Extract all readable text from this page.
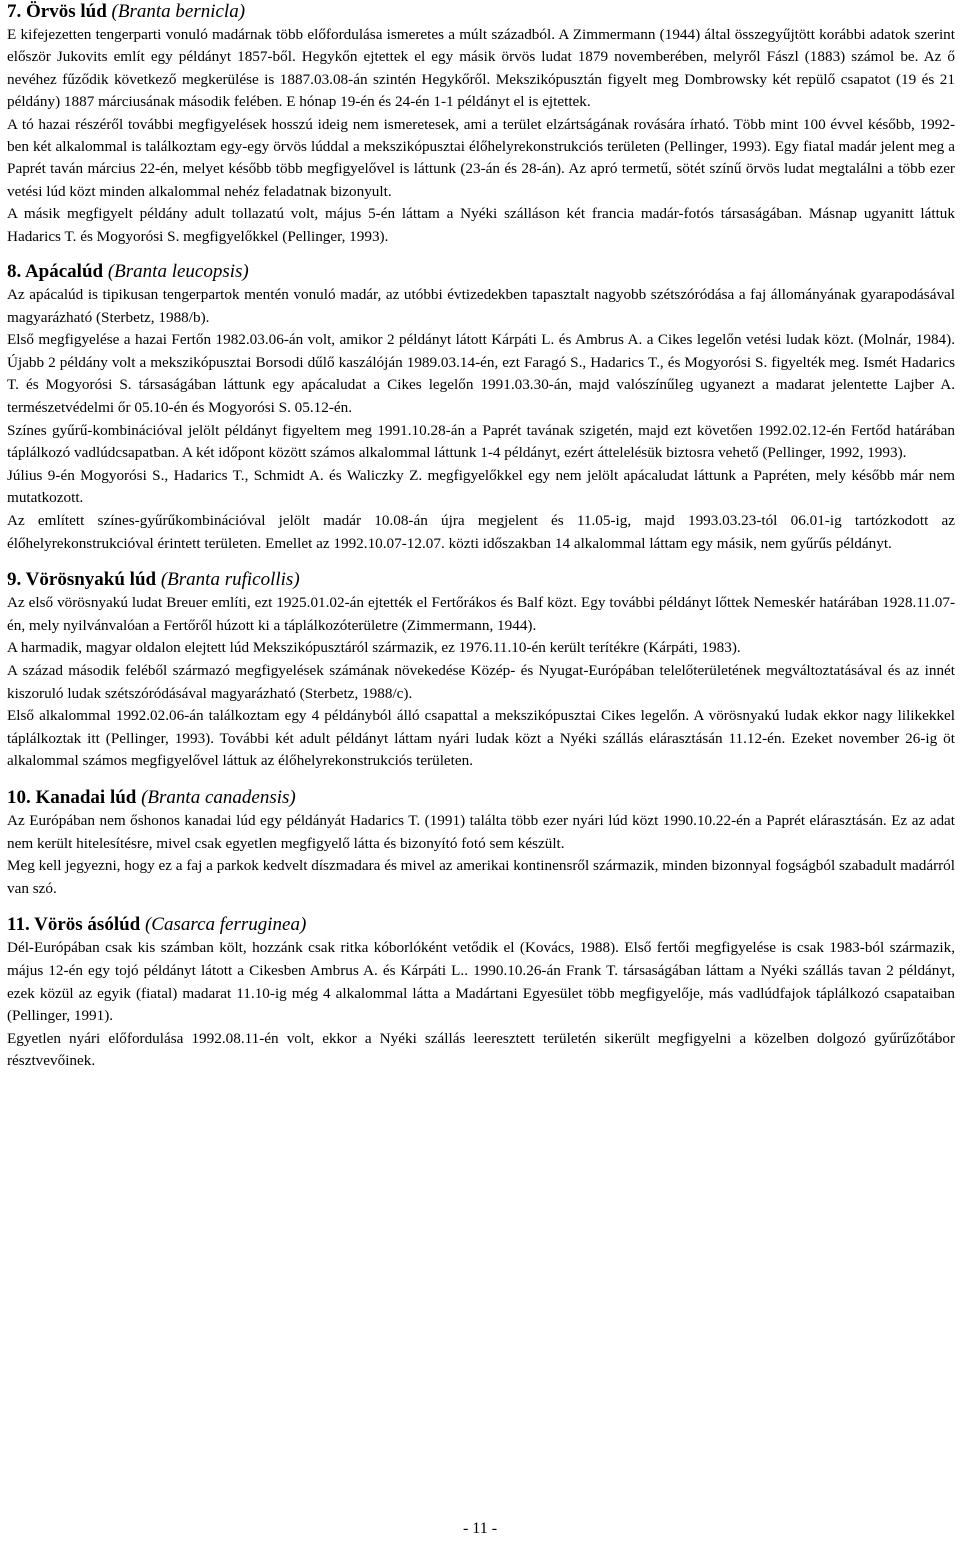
7. Örvös lúd (Branta bernicla)

E kifejezetten tengerparti vonuló madárnak több előfordulása ismeretes a múlt századból. A Zimmermann (1944) által összegyűjtött korábbi adatok szerint először Jukovits említ egy példányt 1857-ből. Hegykőn ejtettek el egy másik örvös ludat 1879 novemberében, melyről Fászl (1883) számol be. Az ő nevéhez fűződik következő megkerülése is 1887.03.08-án szintén Hegykőről. Mekszikópusztán figyelt meg Dombrowsky két repülő csapatot (19 és 21 példány) 1887 márciusának második felében. E hónap 19-én és 24-én 1-1 példányt el is ejtettek.

A tó hazai részéről további megfigyelések hosszú ideig nem ismeretesek, ami a terület elzártságának rovására írható. Több mint 100 évvel később, 1992-ben két alkalommal is találkoztam egy-egy örvös lúddal a mekszikópusztai élőhelyrekonstrukciós területen (Pellinger, 1993). Egy fiatal madár jelent meg a Paprét taván március 22-én, melyet később több megfigyelővel is láttunk (23-án és 28-án). Az apró termetű, sötét színű örvös ludat megtalálni a több ezer vetési lúd közt minden alkalommal nehéz feladatnak bizonyult.

A másik megfigyelt példány adult tollazatú volt, május 5-én láttam a Nyéki szálláson két francia madár-fotós társaságában. Másnap ugyanitt láttuk Hadarics T. és Mogyorósi S. megfigyelőkkel (Pellinger, 1993).

8. Apácalúd (Branta leucopsis)

Az apácalúd is tipikusan tengerpartok mentén vonuló madár, az utóbbi évtizedekben tapasztalt nagyobb szétszóródása a faj állományának gyarapodásával magyarázható (Sterbetz, 1988/b).

Első megfigyelése a hazai Fertőn 1982.03.06-án volt, amikor 2 példányt látott Kárpáti L. és Ambrus A. a Cikes legelőn vetési ludak közt. (Molnár, 1984). Újabb 2 példány volt a mekszikópusztai Borsodi dűlő kaszálóján 1989.03.14-én, ezt Faragó S., Hadarics T., és Mogyorósi S. figyelték meg. Ismét Hadarics T. és Mogyorósi S. társaságában láttunk egy apácaludat a Cikes legelőn 1991.03.30-án, majd valószínűleg ugyanezt a madarat jelentette Lajber A. természetvédelmi őr 05.10-én és Mogyorósi S. 05.12-én.

Színes gyűrű-kombinációval jelölt példányt figyeltem meg 1991.10.28-án a Paprét tavának szigetén, majd ezt követően 1992.02.12-én Fertőd határában táplálkozó vadlúdcsapatban. A két időpont között számos alkalommal láttunk 1-4 példányt, ezért áttelelésük biztosra vehető (Pellinger, 1992, 1993).

Július 9-én Mogyorósi S., Hadarics T., Schmidt A. és Waliczky Z. megfigyelőkkel egy nem jelölt apácaludat láttunk a Papréten, mely később már nem mutatkozott.

Az említett színes-gyűrűkombinációval jelölt madár 10.08-án újra megjelent és 11.05-ig, majd 1993.03.23-tól 06.01-ig tartózkodott az élőhelyrekonstrukcióval érintett területen. Emellet az 1992.10.07-12.07. közti időszakban 14 alkalommal láttam egy másik, nem gyűrűs példányt.

9. Vörösnyakú lúd (Branta ruficollis)

Az első vörösnyakú ludat Breuer említi, ezt 1925.01.02-án ejtették el Fertőrákos és Balf közt. Egy további példányt lőttek Nemeskér határában 1928.11.07-én, mely nyilvánvalóan a Fertőről húzott ki a táplálkozóterületre (Zimmermann, 1944).

A harmadik, magyar oldalon elejtett lúd Mekszikópusztáról származik, ez 1976.11.10-én került terítékre (Kárpáti, 1983).

A század második feléből származó megfigyelések számának növekedése Közép- és Nyugat-Európában telelőterületének megváltoztatásával és az innét kiszoruló ludak szétszóródásával magyarázható (Sterbetz, 1988/c).

Első alkalommal 1992.02.06-án találkoztam egy 4 példányból álló csapattal a mekszikópusztai Cikes legelőn. A vörösnyakú ludak ekkor nagy lilikekkel táplálkoztak itt (Pellinger, 1993). További két adult példányt láttam nyári ludak közt a Nyéki szállás elárasztásán 11.12-én. Ezeket november 26-ig öt alkalommal számos megfigyelővel láttuk az élőhelyrekonstrukciós területen.

10. Kanadai lúd (Branta canadensis)

Az Európában nem őshonos kanadai lúd egy példányát Hadarics T. (1991) találta több ezer nyári lúd közt 1990.10.22-én a Paprét elárasztásán. Ez az adat nem került hitelesítésre, mivel csak egyetlen megfigyelő látta és bizonyító fotó sem készült.

Meg kell jegyezni, hogy ez a faj a parkok kedvelt díszmadara és mivel az amerikai kontinensről származik, minden bizonnyal fogságból szabadult madárról van szó.

11. Vörös ásólúd (Casarca ferruginea)

Dél-Európában csak kis számban költ, hozzánk csak ritka kóborlóként vetődik el (Kovács, 1988). Első fertői megfigyelése is csak 1983-ból származik, május 12-én egy tojó példányt látott a Cikesben Ambrus A. és Kárpáti L.. 1990.10.26-án Frank T. társaságában láttam a Nyéki szállás tavan 2 példányt, ezek közül az egyik (fiatal) madarat 11.10-ig még 4 alkalommal látta a Madártani Egyesület több megfigyelője, más vadlúdfajok táplálkozó csapataiban (Pellinger, 1991).

Egyetlen nyári előfordulása 1992.08.11-én volt, ekkor a Nyéki szállás leeresztett területén sikerült megfigyelni a közelben dolgozó gyűrűzőtábor résztvevőinek.

- 11 -
